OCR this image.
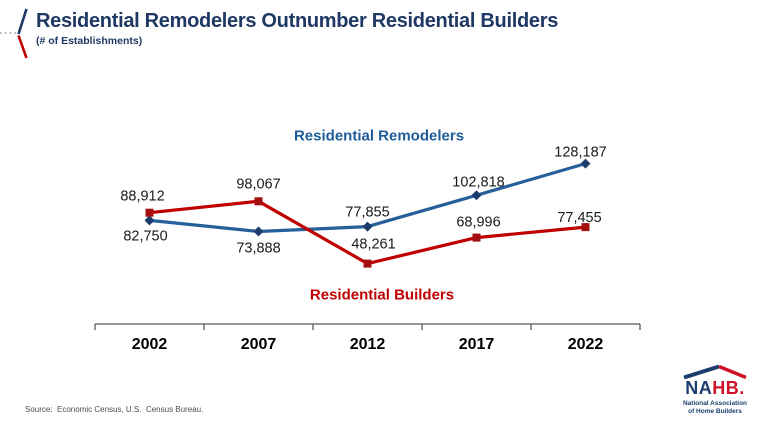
Residential Remodelers Outnumber Residential Builders
(# of Establishments)
2002	2007	2012	2017	2022
82,750
73,888
77,855
102,818
128,187
88,912
98,067
48,261
68,996	77,455
Residential Remodelers
Residential Builders
Source:  Economic Census, U.S.  Census Bureau.
NAHB.
National Association
of Home Builders
